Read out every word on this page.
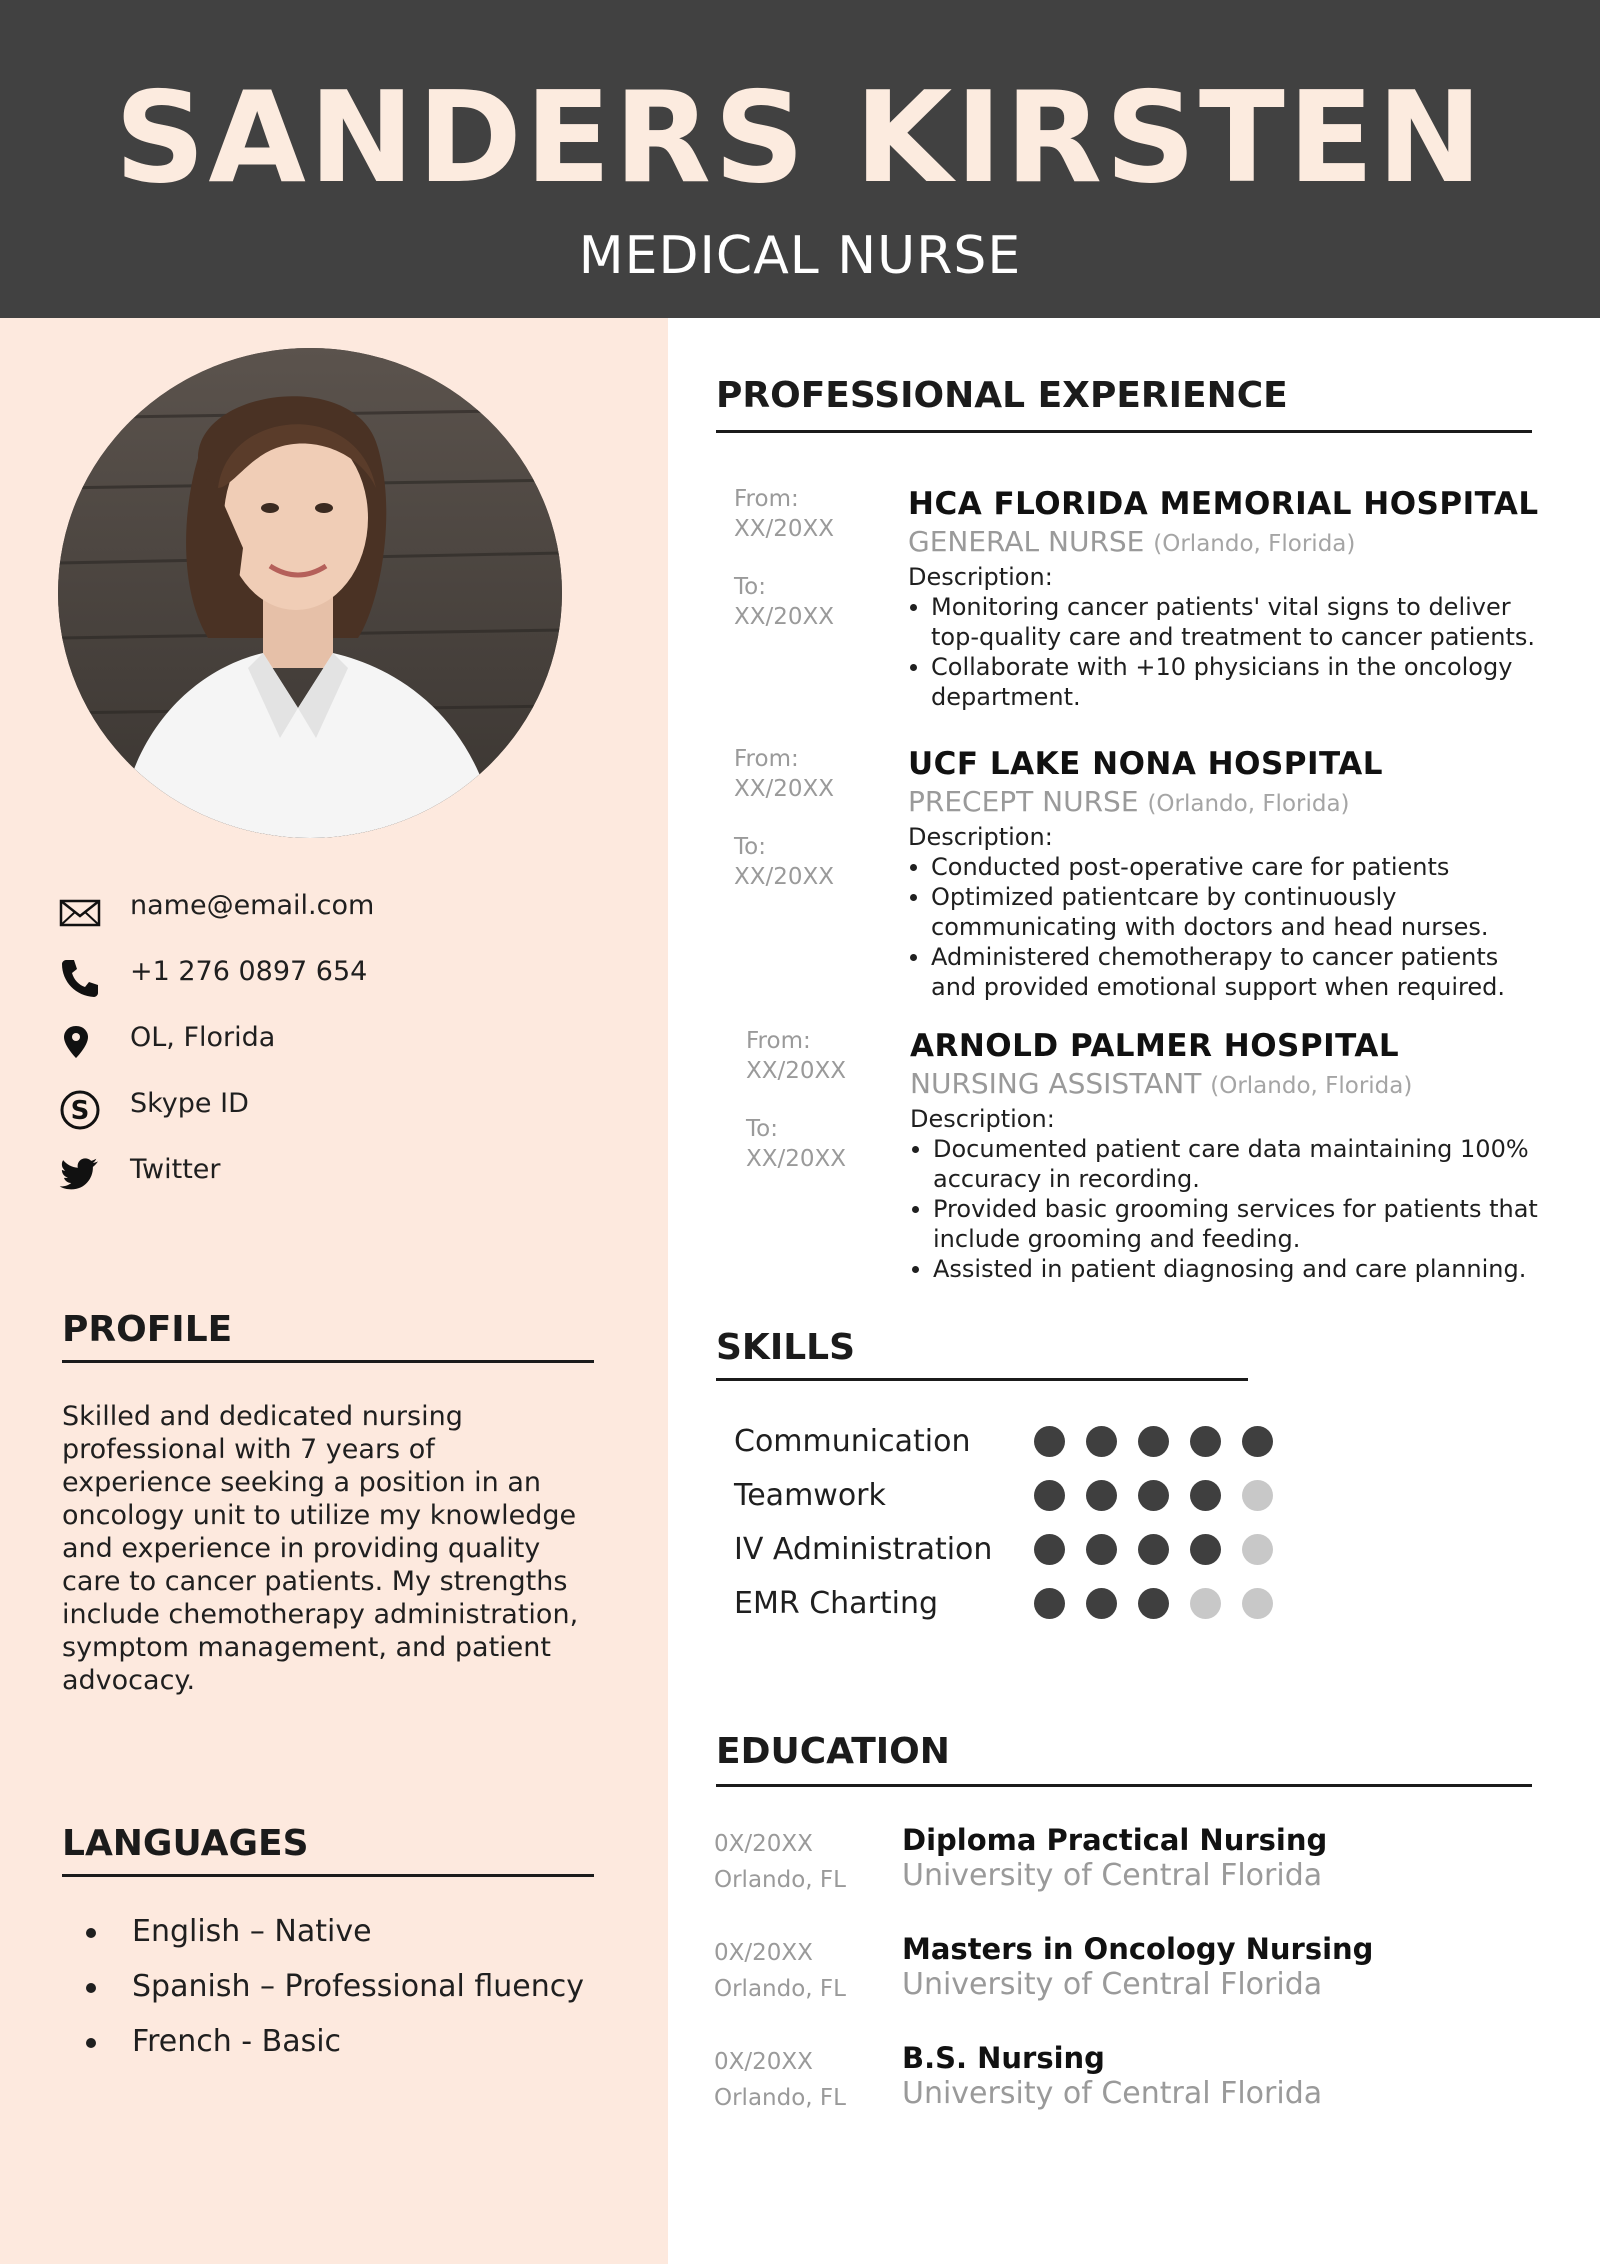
SANDERS KIRSTEN
MEDICAL NURSE
name@email.com
+1 276 0897 654
OL, Florida
S Skype ID
Twitter
PROFILE
Skilled and dedicated nursing professional with 7 years of experience seeking a position in an oncology unit to utilize my knowledge and experience in providing quality care to cancer patients. My strengths include chemotherapy administration, symptom management, and patient advocacy.
LANGUAGES
English – Native
Spanish – Professional fluency
French - Basic
PROFESSIONAL EXPERIENCE
From:
XX/20XX
To:
XX/20XX
HCA FLORIDA MEMORIAL HOSPITAL
GENERAL NURSE (Orlando, Florida)
Description:
Monitoring cancer patients' vital signs to deliver top-quality care and treatment to cancer patients.
Collaborate with +10 physicians in the oncology department.
From:
XX/20XX
To:
XX/20XX
UCF LAKE NONA HOSPITAL
PRECEPT NURSE (Orlando, Florida)
Description:
Conducted post-operative care for patients
Optimized patientcare by continuously communicating with doctors and head nurses.
Administered chemotherapy to cancer patients and provided emotional support when required.
From:
XX/20XX
To:
XX/20XX
ARNOLD PALMER HOSPITAL
NURSING ASSISTANT (Orlando, Florida)
Description:
Documented patient care data maintaining 100% accuracy in recording.
Provided basic grooming services for patients that include grooming and feeding.
Assisted in patient diagnosing and care planning.
SKILLS
Communication
Teamwork
IV Administration
EMR Charting
EDUCATION
0X/20XX
Orlando, FL
Diploma Practical Nursing
University of Central Florida
0X/20XX
Orlando, FL
Masters in Oncology Nursing
University of Central Florida
0X/20XX
Orlando, FL
B.S. Nursing
University of Central Florida
